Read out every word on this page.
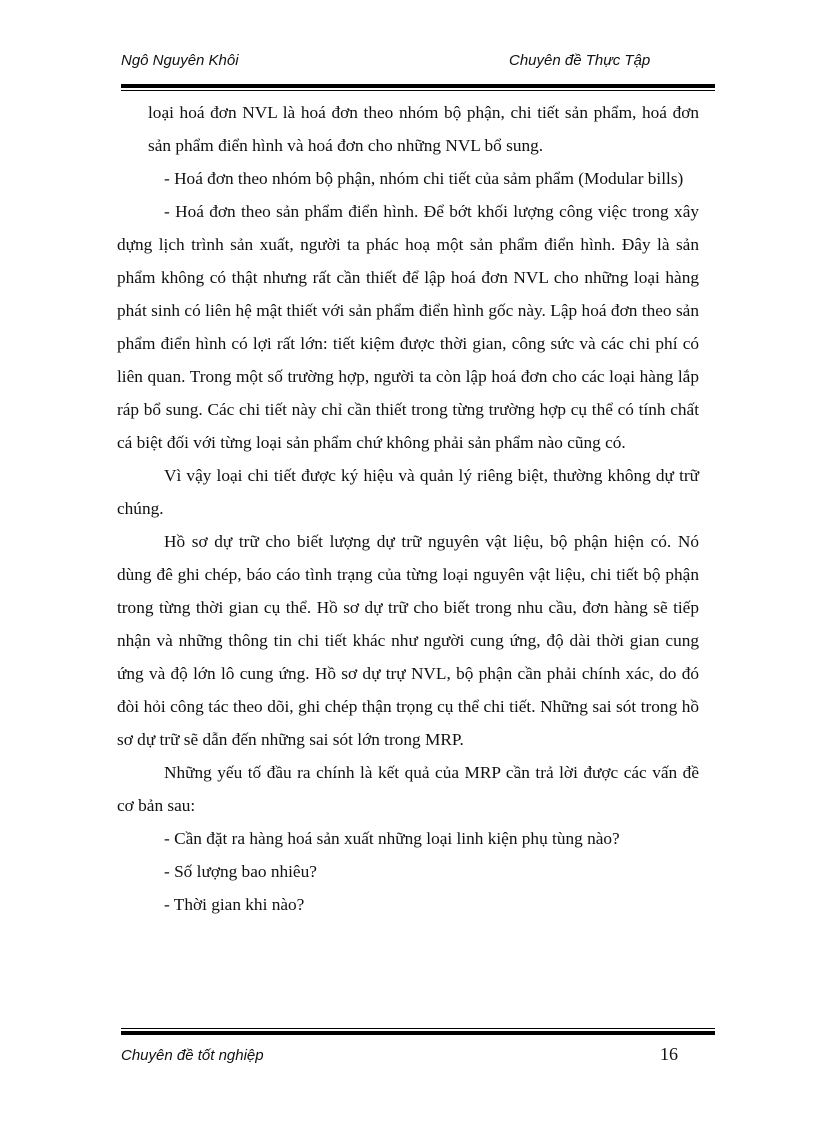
Ngô Nguyên Khôi	Chuyên đề Thực Tập

loại hoá đơn NVL là hoá đơn theo nhóm bộ phận, chi tiết sản phẩm, hoá đơn sản phẩm điển hình và hoá đơn cho những NVL bổ sung.

- Hoá đơn theo nhóm bộ phận, nhóm chi tiết của sảm phẩm (Modular bills)

- Hoá đơn theo sản phẩm điển hình. Để bớt khối lượng công việc trong xây dựng lịch trình sản xuất, người ta phác hoạ một sản phẩm điển hình. Đây là sản phẩm không có thật nhưng rất cần thiết để lập hoá đơn NVL cho những loại hàng phát sinh có liên hệ mật thiết với sản phẩm điển hình gốc này. Lập hoá đơn theo sản phẩm điển hình có lợi rất lớn: tiết kiệm được thời gian, công sức và các chi phí có liên quan. Trong một số trường hợp, người ta còn lập hoá đơn cho các loại hàng lắp ráp bổ sung. Các chi tiết này chỉ cần thiết trong từng trường hợp cụ thể có tính chất cá biệt đối với từng loại sản phẩm chứ không phải sản phẩm nào cũng có.

Vì vậy loại chi tiết được ký hiệu và quản lý riêng biệt, thường không dự trữ chúng.

Hồ sơ dự trữ cho biết lượng dự trữ nguyên vật liệu, bộ phận hiện có. Nó dùng đê ghi chép, báo cáo tình trạng của từng loại nguyên vật liệu, chi tiết bộ phận trong từng thời gian cụ thể. Hồ sơ dự trữ cho biết trong nhu cầu, đơn hàng sẽ tiếp nhận và những thông tin chi tiết khác như người cung ứng, độ dài thời gian cung ứng và độ lớn lô cung ứng. Hồ sơ dự trự NVL, bộ phận cần phải chính xác, do đó đòi hỏi công tác theo dõi, ghi chép thận trọng cụ thể chi tiết. Những sai sót trong hồ sơ dự trữ sẽ dẫn đến những sai sót lớn trong MRP.

Những yếu tố đầu ra chính là kết quả của MRP cần trả lời được các vấn đề cơ bản sau:

- Cần đặt ra hàng hoá sản xuất những loại linh kiện phụ tùng nào?

- Số lượng bao nhiêu?

- Thời gian khi nào?

Chuyên đề tốt nghiệp	16
